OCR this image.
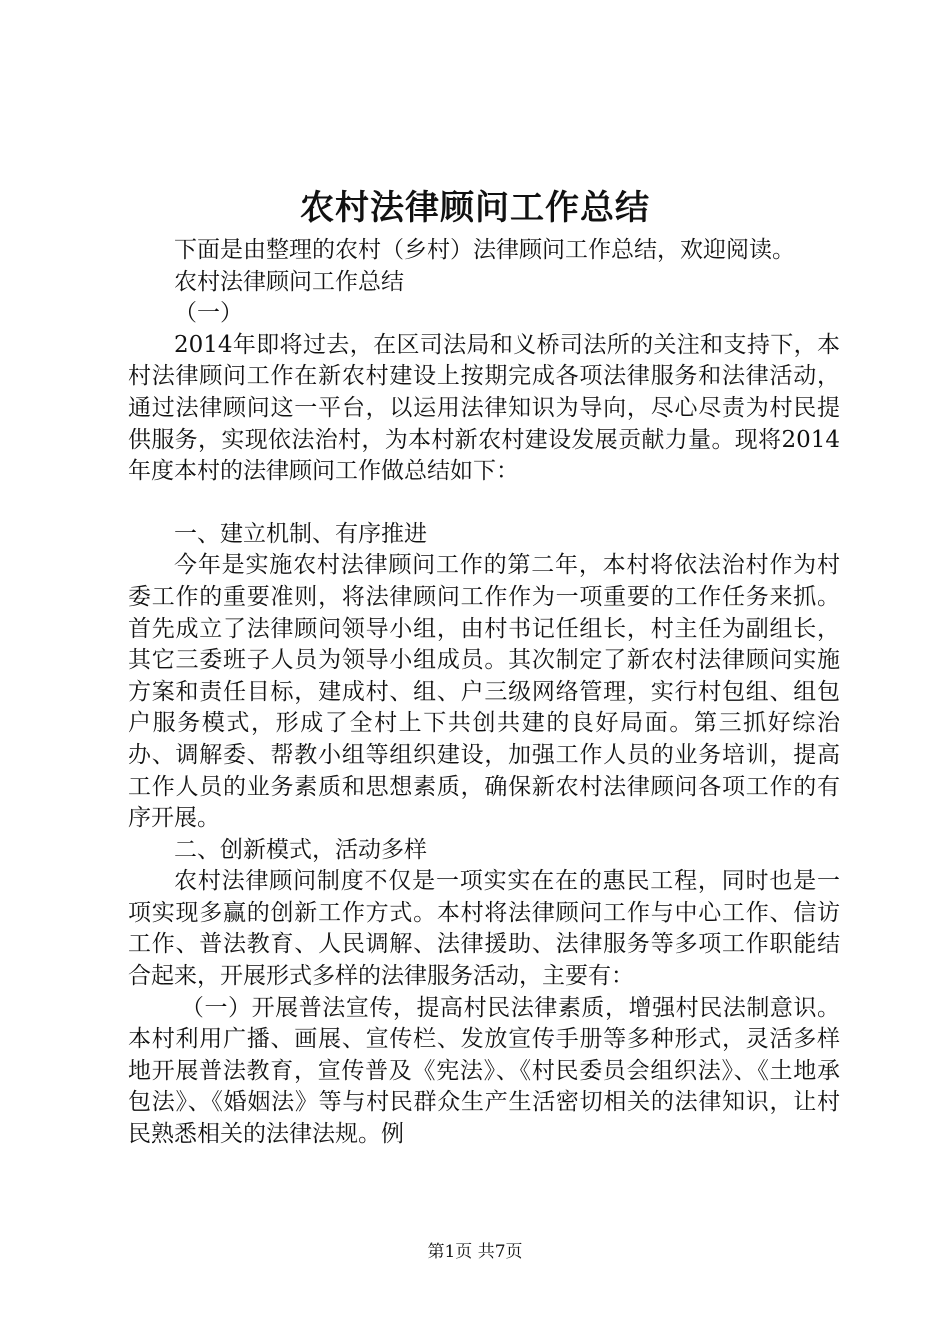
农村法律顾问工作总结

下面是由整理的农村（乡村）法律顾问工作总结，欢迎阅读。

农村法律顾问工作总结

（一）

2014年即将过去，在区司法局和义桥司法所的关注和支持下，本村法律顾问工作在新农村建设上按期完成各项法律服务和法律活动，通过法律顾问这一平台，以运用法律知识为导向，尽心尽责为村民提供服务，实现依法治村，为本村新农村建设发展贡献力量。现将2014年度本村的法律顾问工作做总结如下：

一、建立机制、有序推进

今年是实施农村法律顾问工作的第二年，本村将依法治村作为村委工作的重要准则，将法律顾问工作作为一项重要的工作任务来抓。首先成立了法律顾问领导小组，由村书记任组长，村主任为副组长，其它三委班子人员为领导小组成员。其次制定了新农村法律顾问实施方案和责任目标，建成村、组、户三级网络管理，实行村包组、组包户服务模式，形成了全村上下共创共建的良好局面。第三抓好综治办、调解委、帮教小组等组织建设，加强工作人员的业务培训，提高工作人员的业务素质和思想素质，确保新农村法律顾问各项工作的有序开展。

二、创新模式，活动多样

农村法律顾问制度不仅是一项实实在在的惠民工程，同时也是一项实现多赢的创新工作方式。本村将法律顾问工作与中心工作、信访工作、普法教育、人民调解、法律援助、法律服务等多项工作职能结合起来，开展形式多样的法律服务活动，主要有：

（一）开展普法宣传，提高村民法律素质，增强村民法制意识。本村利用广播、画展、宣传栏、发放宣传手册等多种形式，灵活多样地开展普法教育，宣传普及《宪法》、《村民委员会组织法》、《土地承包法》、《婚姻法》等与村民群众生产生活密切相关的法律知识，让村民熟悉相关的法律法规。例

第1页 共7页
